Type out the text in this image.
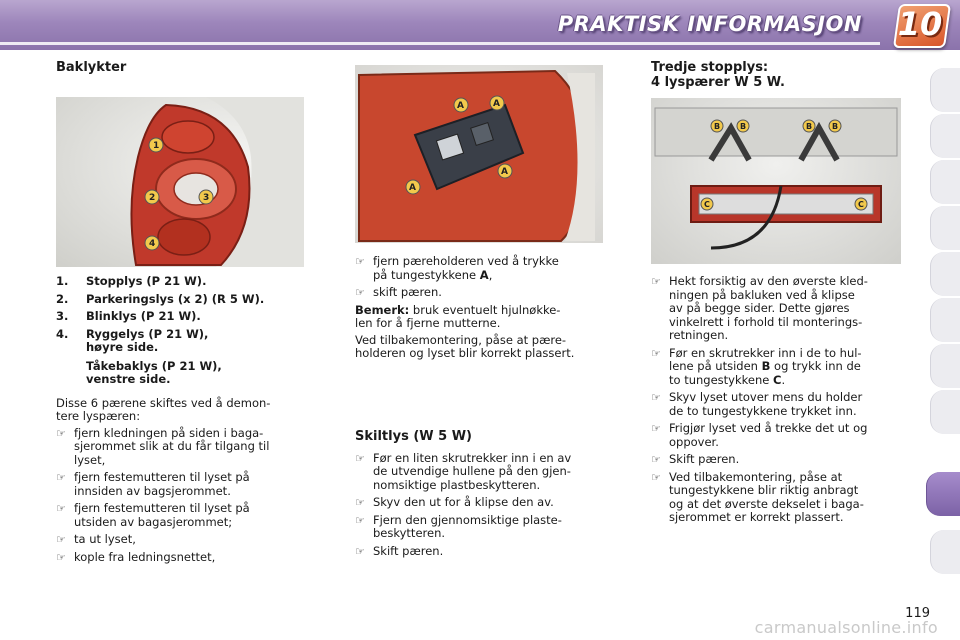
PRAKTISK INFORMASJON 10
Baklykter
1
2	3
4
1. Stopplys (P 21 W).
2. Parkeringslys (x 2) (R 5 W).
3. Blinklys (P 21 W).
4. Ryggelys (P 21 W),
høyre side.
Tåkebaklys (P 21 W),
venstre side.

Disse 6 pærene skiftes ved å demon-
tere lyspæren:

☞ fjern kledningen på siden i baga-
sjerommet slik at du får tilgang til
lyset,
☞ fjern festemutteren til lyset på
innsiden av bagsjerommet.
☞ fjern festemutteren til lyset på
utsiden av bagasjerommet;
☞ ta ut lyset,
☞ kople fra ledningsnettet,
A	A
A
A
☞ fjern pæreholderen ved å trykke
på tungestykkene A,
☞ skift pæren.

Bemerk: bruk eventuelt hjulnøkke-
len for å fjerne mutterne.

Ved tilbakemontering, påse at pære-
holderen og lyset blir korrekt plassert.

Skiltlys (W 5 W)
☞ Før en liten skrutrekker inn i en av
de utvendige hullene på den gjen-
nomsiktige plastbeskytteren.
☞ Skyv den ut for å klipse den av.
☞ Fjern den gjennomsiktige plaste-
beskytteren.
☞ Skift pæren.
Tredje stopplys:
4 lyspærer W 5 W.
B B	B B
C	C
☞ Hekt forsiktig av den øverste kled-
ningen på bakluken ved å klipse
av på begge sider. Dette gjøres
vinkelrett i forhold til monterings-
retningen.
☞ Før en skrutrekker inn i de to hul-
lene på utsiden B og trykk inn de
to tungestykkene C.
☞ Skyv lyset utover mens du holder
de to tungestykkene trykket inn.
☞ Frigjør lyset ved å trekke det ut og
oppover.
☞ Skift pæren.
☞ Ved tilbakemontering, påse at
tungestykkene blir riktig anbragt
og at det øverste dekselet i baga-
sjerommet er korrekt plassert.
119
carmanualsonline.info
